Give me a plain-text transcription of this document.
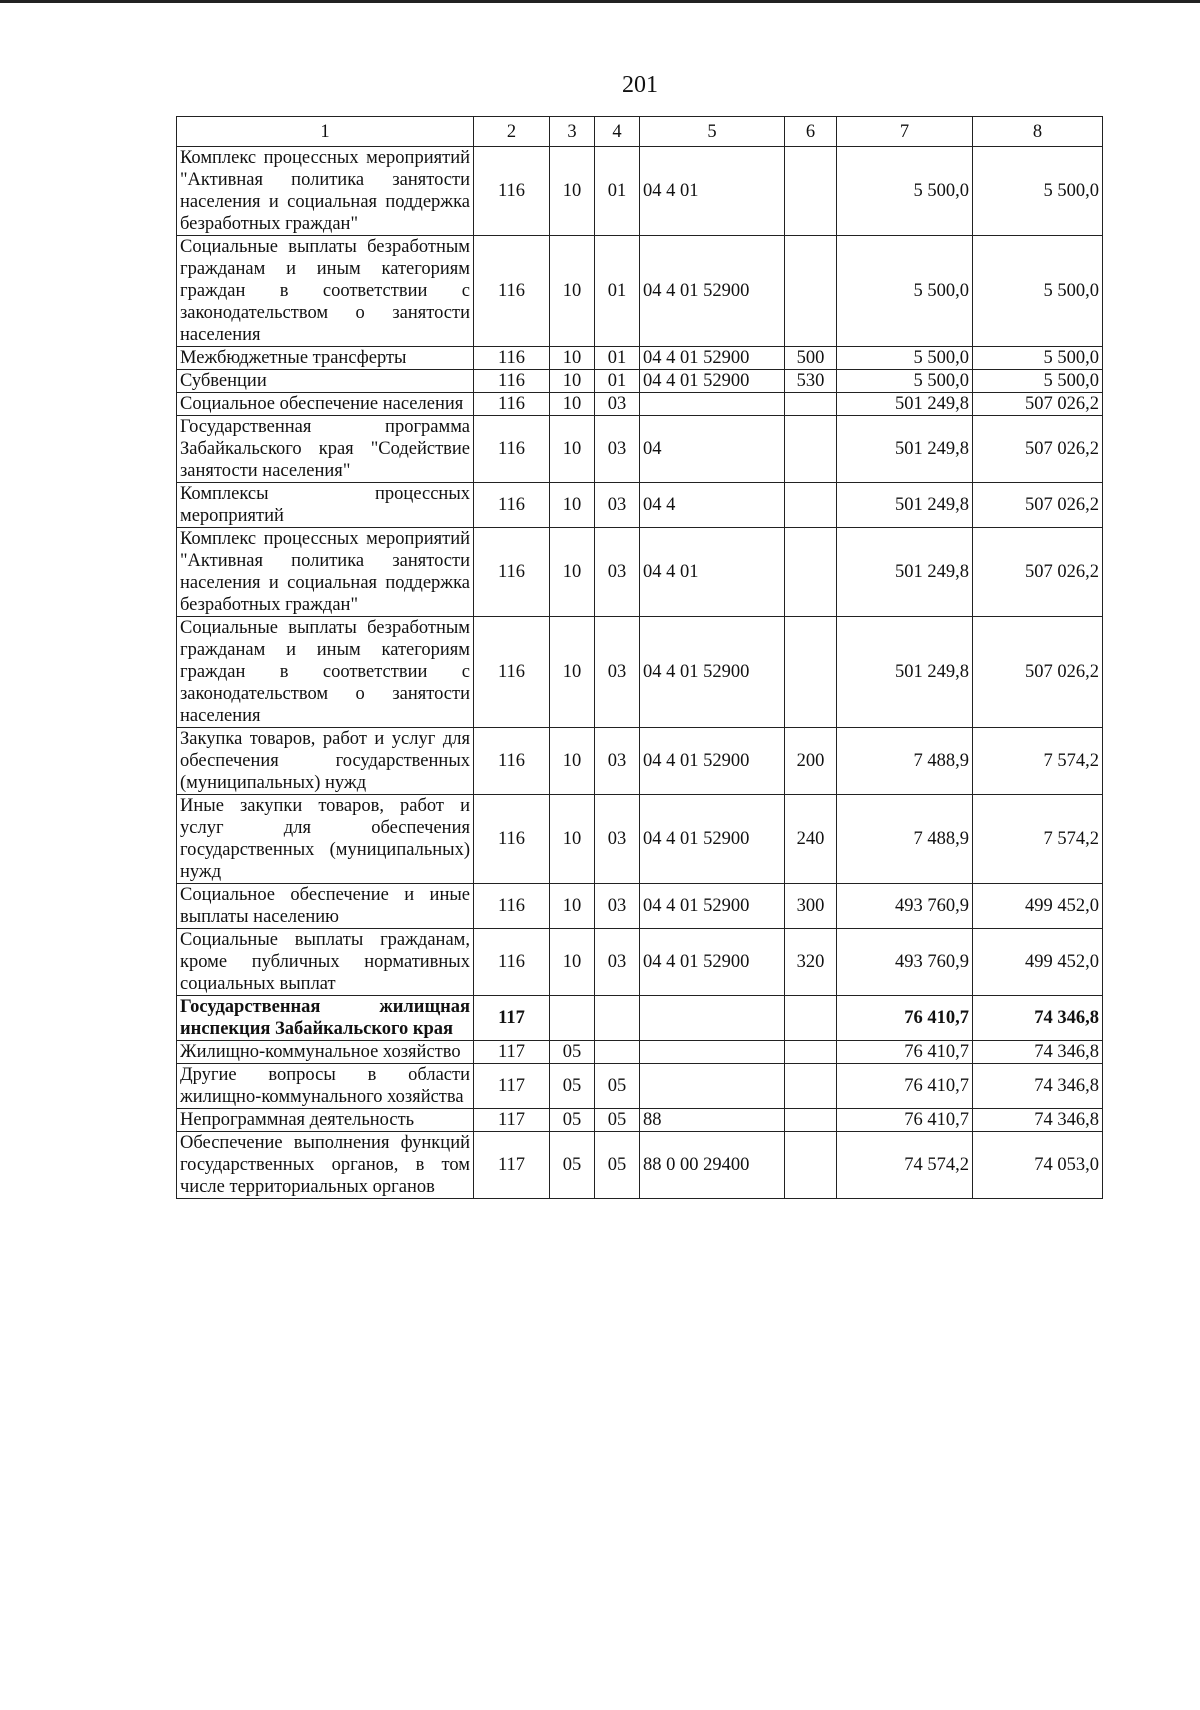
201
1	2	3	4	5	6	7	8
Комплекс процессных мероприятий "Активная политика занятости населения и социальная поддержка безработных граждан"	116	10	01	04 4 01		5 500,0	5 500,0
Социальные выплаты безработным гражданам и иным категориям граждан в соответствии с законодательством о занятости населения	116	10	01	04 4 01 52900		5 500,0	5 500,0
Межбюджетные трансферты	116	10	01	04 4 01 52900	500	5 500,0	5 500,0
Субвенции	116	10	01	04 4 01 52900	530	5 500,0	5 500,0
Социальное обеспечение населения	116	10	03			501 249,8	507 026,2
Государственная программа Забайкальского края "Содействие занятости населения"	116	10	03	04		501 249,8	507 026,2
Комплексы процессных мероприятий	116	10	03	04 4		501 249,8	507 026,2
Комплекс процессных мероприятий "Активная политика занятости населения и социальная поддержка безработных граждан"	116	10	03	04 4 01		501 249,8	507 026,2
Социальные выплаты безработным гражданам и иным категориям граждан в соответствии с законодательством о занятости населения	116	10	03	04 4 01 52900		501 249,8	507 026,2
Закупка товаров, работ и услуг для обеспечения государственных (муниципальных) нужд	116	10	03	04 4 01 52900	200	7 488,9	7 574,2
Иные закупки товаров, работ и услуг для обеспечения государственных (муниципальных) нужд	116	10	03	04 4 01 52900	240	7 488,9	7 574,2
Социальное обеспечение и иные выплаты населению	116	10	03	04 4 01 52900	300	493 760,9	499 452,0
Социальные выплаты гражданам, кроме публичных нормативных социальных выплат	116	10	03	04 4 01 52900	320	493 760,9	499 452,0
Государственная жилищная инспекция Забайкальского края	117					76 410,7	74 346,8
Жилищно-коммунальное хозяйство	117	05				76 410,7	74 346,8
Другие вопросы в области жилищно-коммунального хозяйства	117	05	05			76 410,7	74 346,8
Непрограммная деятельность	117	05	05	88		76 410,7	74 346,8
Обеспечение выполнения функций государственных органов, в том числе территориальных органов	117	05	05	88 0 00 29400		74 574,2	74 053,0
